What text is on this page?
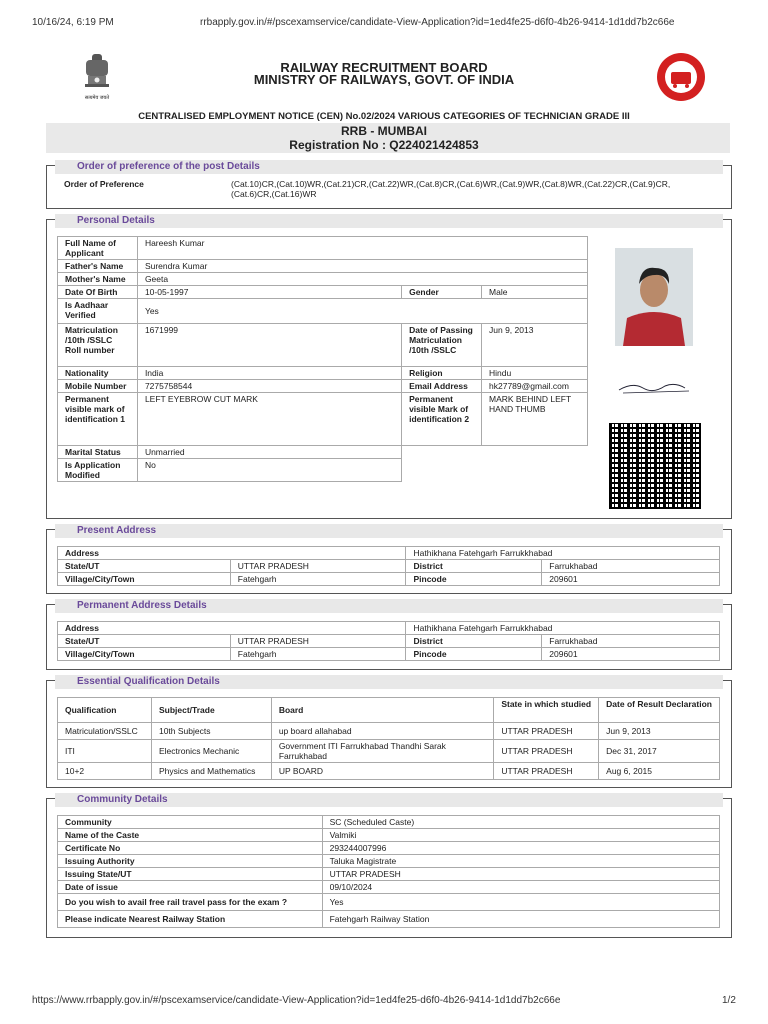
10/16/24, 6:19 PM	rrbapply.gov.in/#/pscexamservice/candidate-View-Application?id=1ed4fe25-d6f0-4b26-9414-1d1dd7b2c66e
सत्यमेव जयते
RAILWAY RECRUITMENT BOARD
MINISTRY OF RAILWAYS, GOVT. OF INDIA
CENTRALISED EMPLOYMENT NOTICE (CEN) No.02/2024 VARIOUS CATEGORIES OF TECHNICIAN GRADE III
RRB - MUMBAI
Registration No : Q224021424853
Order of preference of the post Details
Order of Preference	(Cat.10)CR,(Cat.10)WR,(Cat.21)CR,(Cat.22)WR,(Cat.8)CR,(Cat.6)WR,(Cat.9)WR,(Cat.8)WR,(Cat.22)CR,(Cat.9)CR,
(Cat.6)CR,(Cat.16)WR
Personal Details
Full Name of Applicant	Hareesh Kumar		
Father's Name	Surendra Kumar		
Mother's Name	Geeta		
Date Of Birth	10-05-1997	Gender	Male
Is Aadhaar Verified	Yes		
Matriculation /10th /SSLC Roll number	1671999	Date of Passing Matriculation /10th /SSLC	Jun 9, 2013
Nationality	India	Religion	Hindu
Mobile Number	7275758544	Email Address	hk27789@gmail.com
Permanent visible mark of identification 1	LEFT EYEBROW CUT MARK	Permanent visible Mark of identification 2	MARK BEHIND LEFT HAND THUMB
Marital Status	Unmarried		
Is Application Modified	No		
Present Address
Address		Hathikhana Fatehgarh Farrukkhabad	
State/UT	UTTAR PRADESH	District	Farrukhabad
Village/City/Town	Fatehgarh	Pincode	209601
Permanent Address Details
Address		Hathikhana Fatehgarh Farrukkhabad	
State/UT	UTTAR PRADESH	District	Farrukhabad
Village/City/Town	Fatehgarh	Pincode	209601
Essential Qualification Details
Qualification	Subject/Trade	Board	State in which studied	Date of Result Declaration
Matriculation/SSLC	10th Subjects	up board allahabad	UTTAR PRADESH	Jun 9, 2013
ITI	Electronics Mechanic	Government ITI Farrukhabad Thandhi Sarak Farrukhabad	UTTAR PRADESH	Dec 31, 2017
10+2	Physics and Mathematics	UP BOARD	UTTAR PRADESH	Aug 6, 2015
Community Details
Community	SC (Scheduled Caste)
Name of the Caste	Valmiki
Certificate No	293244007996
Issuing Authority	Taluka Magistrate
Issuing State/UT	UTTAR PRADESH
Date of issue	09/10/2024
Do you wish to avail free rail travel pass for the exam ?	Yes
Please indicate Nearest Railway Station	Fatehgarh Railway Station
https://www.rrbapply.gov.in/#/pscexamservice/candidate-View-Application?id=1ed4fe25-d6f0-4b26-9414-1d1dd7b2c66e	1/2
